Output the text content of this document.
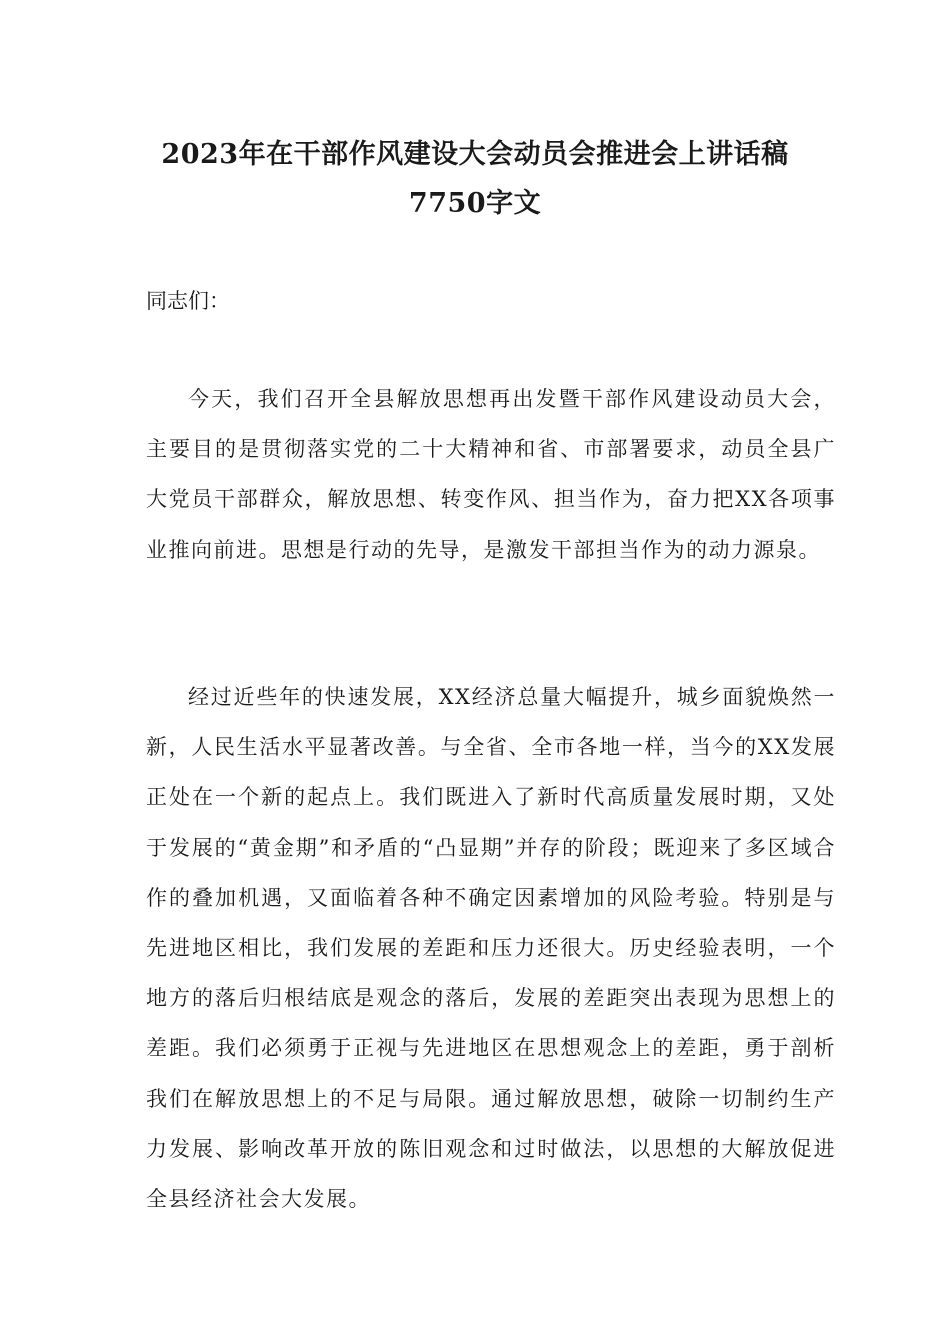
2023年在干部作风建设大会动员会推进会上讲话稿
7750字文

同志们：

今天，我们召开全县解放思想再出发暨干部作风建设动员大会，主要目的是贯彻落实党的二十大精神和省、市部署要求，动员全县广大党员干部群众，解放思想、转变作风、担当作为，奋力把XX各项事业推向前进。思想是行动的先导，是激发干部担当作为的动力源泉。

经过近些年的快速发展，XX经济总量大幅提升，城乡面貌焕然一新，人民生活水平显著改善。与全省、全市各地一样，当今的XX发展正处在一个新的起点上。我们既进入了新时代高质量发展时期，又处于发展的“黄金期”和矛盾的“凸显期”并存的阶段；既迎来了多区域合作的叠加机遇，又面临着各种不确定因素增加的风险考验。特别是与先进地区相比，我们发展的差距和压力还很大。历史经验表明，一个地方的落后归根结底是观念的落后，发展的差距突出表现为思想上的差距。我们必须勇于正视与先进地区在思想观念上的差距，勇于剖析我们在解放思想上的不足与局限。通过解放思想，破除一切制约生产力发展、影响改革开放的陈旧观念和过时做法，以思想的大解放促进全县经济社会大发展。
